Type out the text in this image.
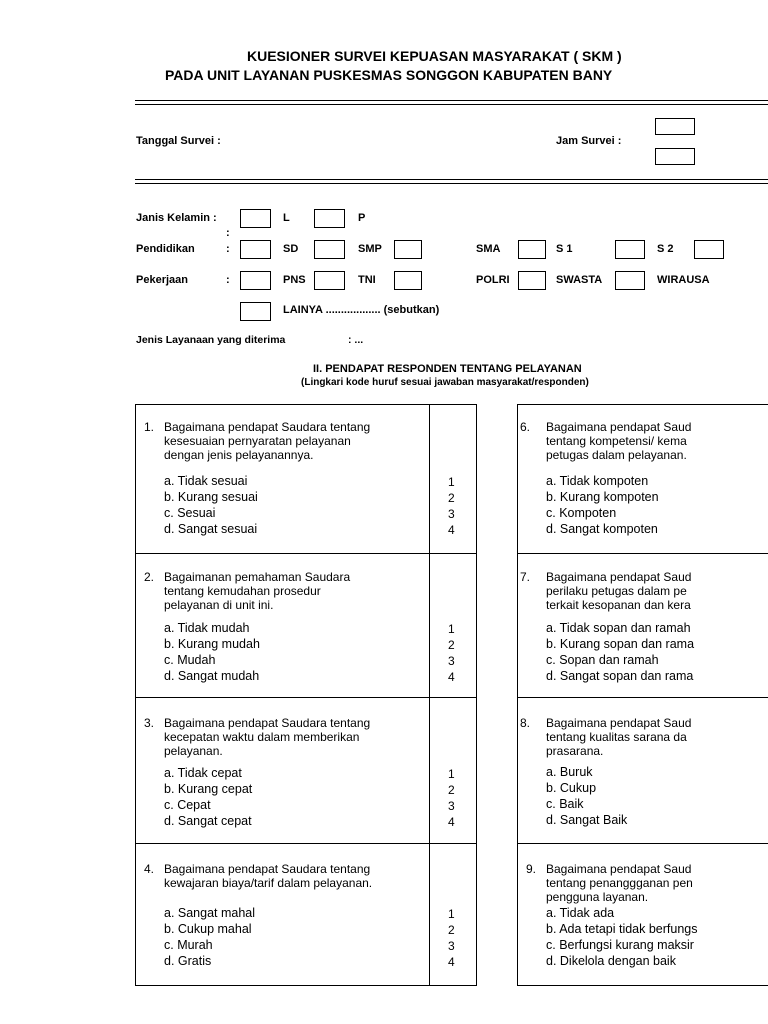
KUESIONER SURVEI KEPUASAN MASYARAKAT ( SKM )
PADA UNIT LAYANAN PUSKESMAS SONGGON KABUPATEN BANY
Tanggal Survei :	Jam Survei :
Janis Kelamin :	L	P
:
Pendidikan	:	SD	SMP	SMA	S 1	S 2
Pekerjaan	:	PNS	TNI	POLRI	SWASTA	WIRAUSA
LAINYA .................. (sebutkan)
Jenis Layanaan yang diterima	: ...
II. PENDAPAT RESPONDEN TENTANG PELAYANAN
(Lingkari kode huruf sesuai jawaban masyarakat/responden)
1. Bagaimana pendapat Saudara tentang
kesesuaian pernyaratan pelayanan
dengan jenis pelayanannya.
a. Tidak sesuai
b. Kurang sesuai
c. Sesuai
d. Sangat sesuai
1
2
3
4
2. Bagaimanan pemahaman Saudara
tentang kemudahan prosedur
pelayanan di unit ini.
a. Tidak mudah
b. Kurang mudah
c. Mudah
d. Sangat mudah
1
2
3
4
3. Bagaimana pendapat Saudara tentang
kecepatan waktu dalam memberikan
pelayanan.
a. Tidak cepat
b. Kurang cepat
c. Cepat
d. Sangat cepat
1
2
3
4
4. Bagaimana pendapat Saudara tentang
kewajaran biaya/tarif dalam pelayanan.
a. Sangat mahal
b. Cukup mahal
c. Murah
d. Gratis
1
2
3
4
6. Bagaimana pendapat Saud
tentang kompetensi/ kema
petugas dalam pelayanan.
a. Tidak kompoten
b. Kurang kompoten
c. Kompoten
d. Sangat kompoten
7. Bagaimana pendapat Saud
perilaku petugas dalam pe
terkait kesopanan dan kera
a. Tidak sopan dan ramah
b. Kurang sopan dan rama
c. Sopan dan ramah
d. Sangat sopan dan rama
8. Bagaimana pendapat Saud
tentang kualitas sarana da
prasarana.
a. Buruk
b. Cukup
c. Baik
d. Sangat Baik
9. Bagaimana pendapat Saud
tentang penanggganan pen
pengguna layanan.
a. Tidak ada
b. Ada tetapi tidak berfungs
c. Berfungsi kurang maksir
d. Dikelola dengan baik
